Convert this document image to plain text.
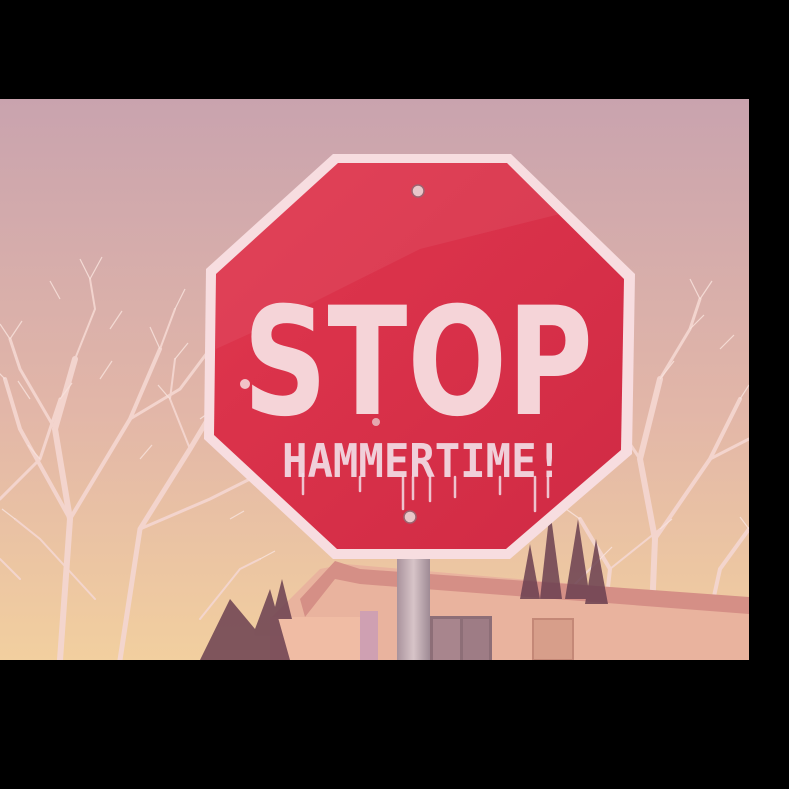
STOP
HAMMERTIME!
